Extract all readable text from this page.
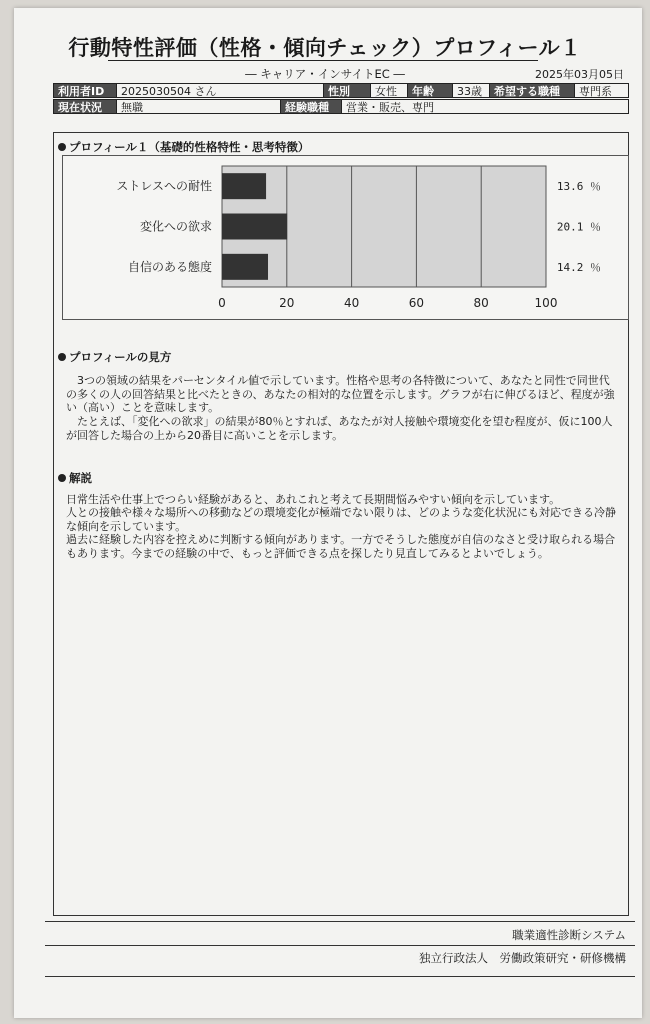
行動特性評価（性格・傾向チェック）プロフィール１
― キャリア・インサイトEC ―	2025年03月05日
利用者ID	2025030504 さん	性別	女性	年齢	33歳	希望する職種	専門系
現在状況	無職	経験職種	営業・販売、専門
プロフィール１（基礎的性格特性・思考特徴）
0	20	40	60	80	100
ストレスへの耐性	13.6 ％
変化への欲求	20.1 ％
自信のある態度	14.2 ％
プロフィールの見方
　3つの領域の結果をパーセンタイル値で示しています。性格や思考の各特徴について、あなたと同性で同世代の多くの人の回答結果と比べたときの、あなたの相対的な位置を示します。グラフが右に伸びるほど、程度が強い（高い）ことを意味します。
　たとえば、「変化への欲求」の結果が80％とすれば、あなたが対人接触や環境変化を望む程度が、仮に100人が回答した場合の上から20番目に高いことを示します。
解説
日常生活や仕事上でつらい経験があると、あれこれと考えて長期間悩みやすい傾向を示しています。
人との接触や様々な場所への移動などの環境変化が極端でない限りは、どのような変化状況にも対応できる冷静な傾向を示しています。
過去に経験した内容を控えめに判断する傾向があります。一方でそうした態度が自信のなさと受け取られる場合もあります。今までの経験の中で、もっと評価できる点を探したり見直してみるとよいでしょう。
職業適性診断システム
独立行政法人　労働政策研究・研修機構
